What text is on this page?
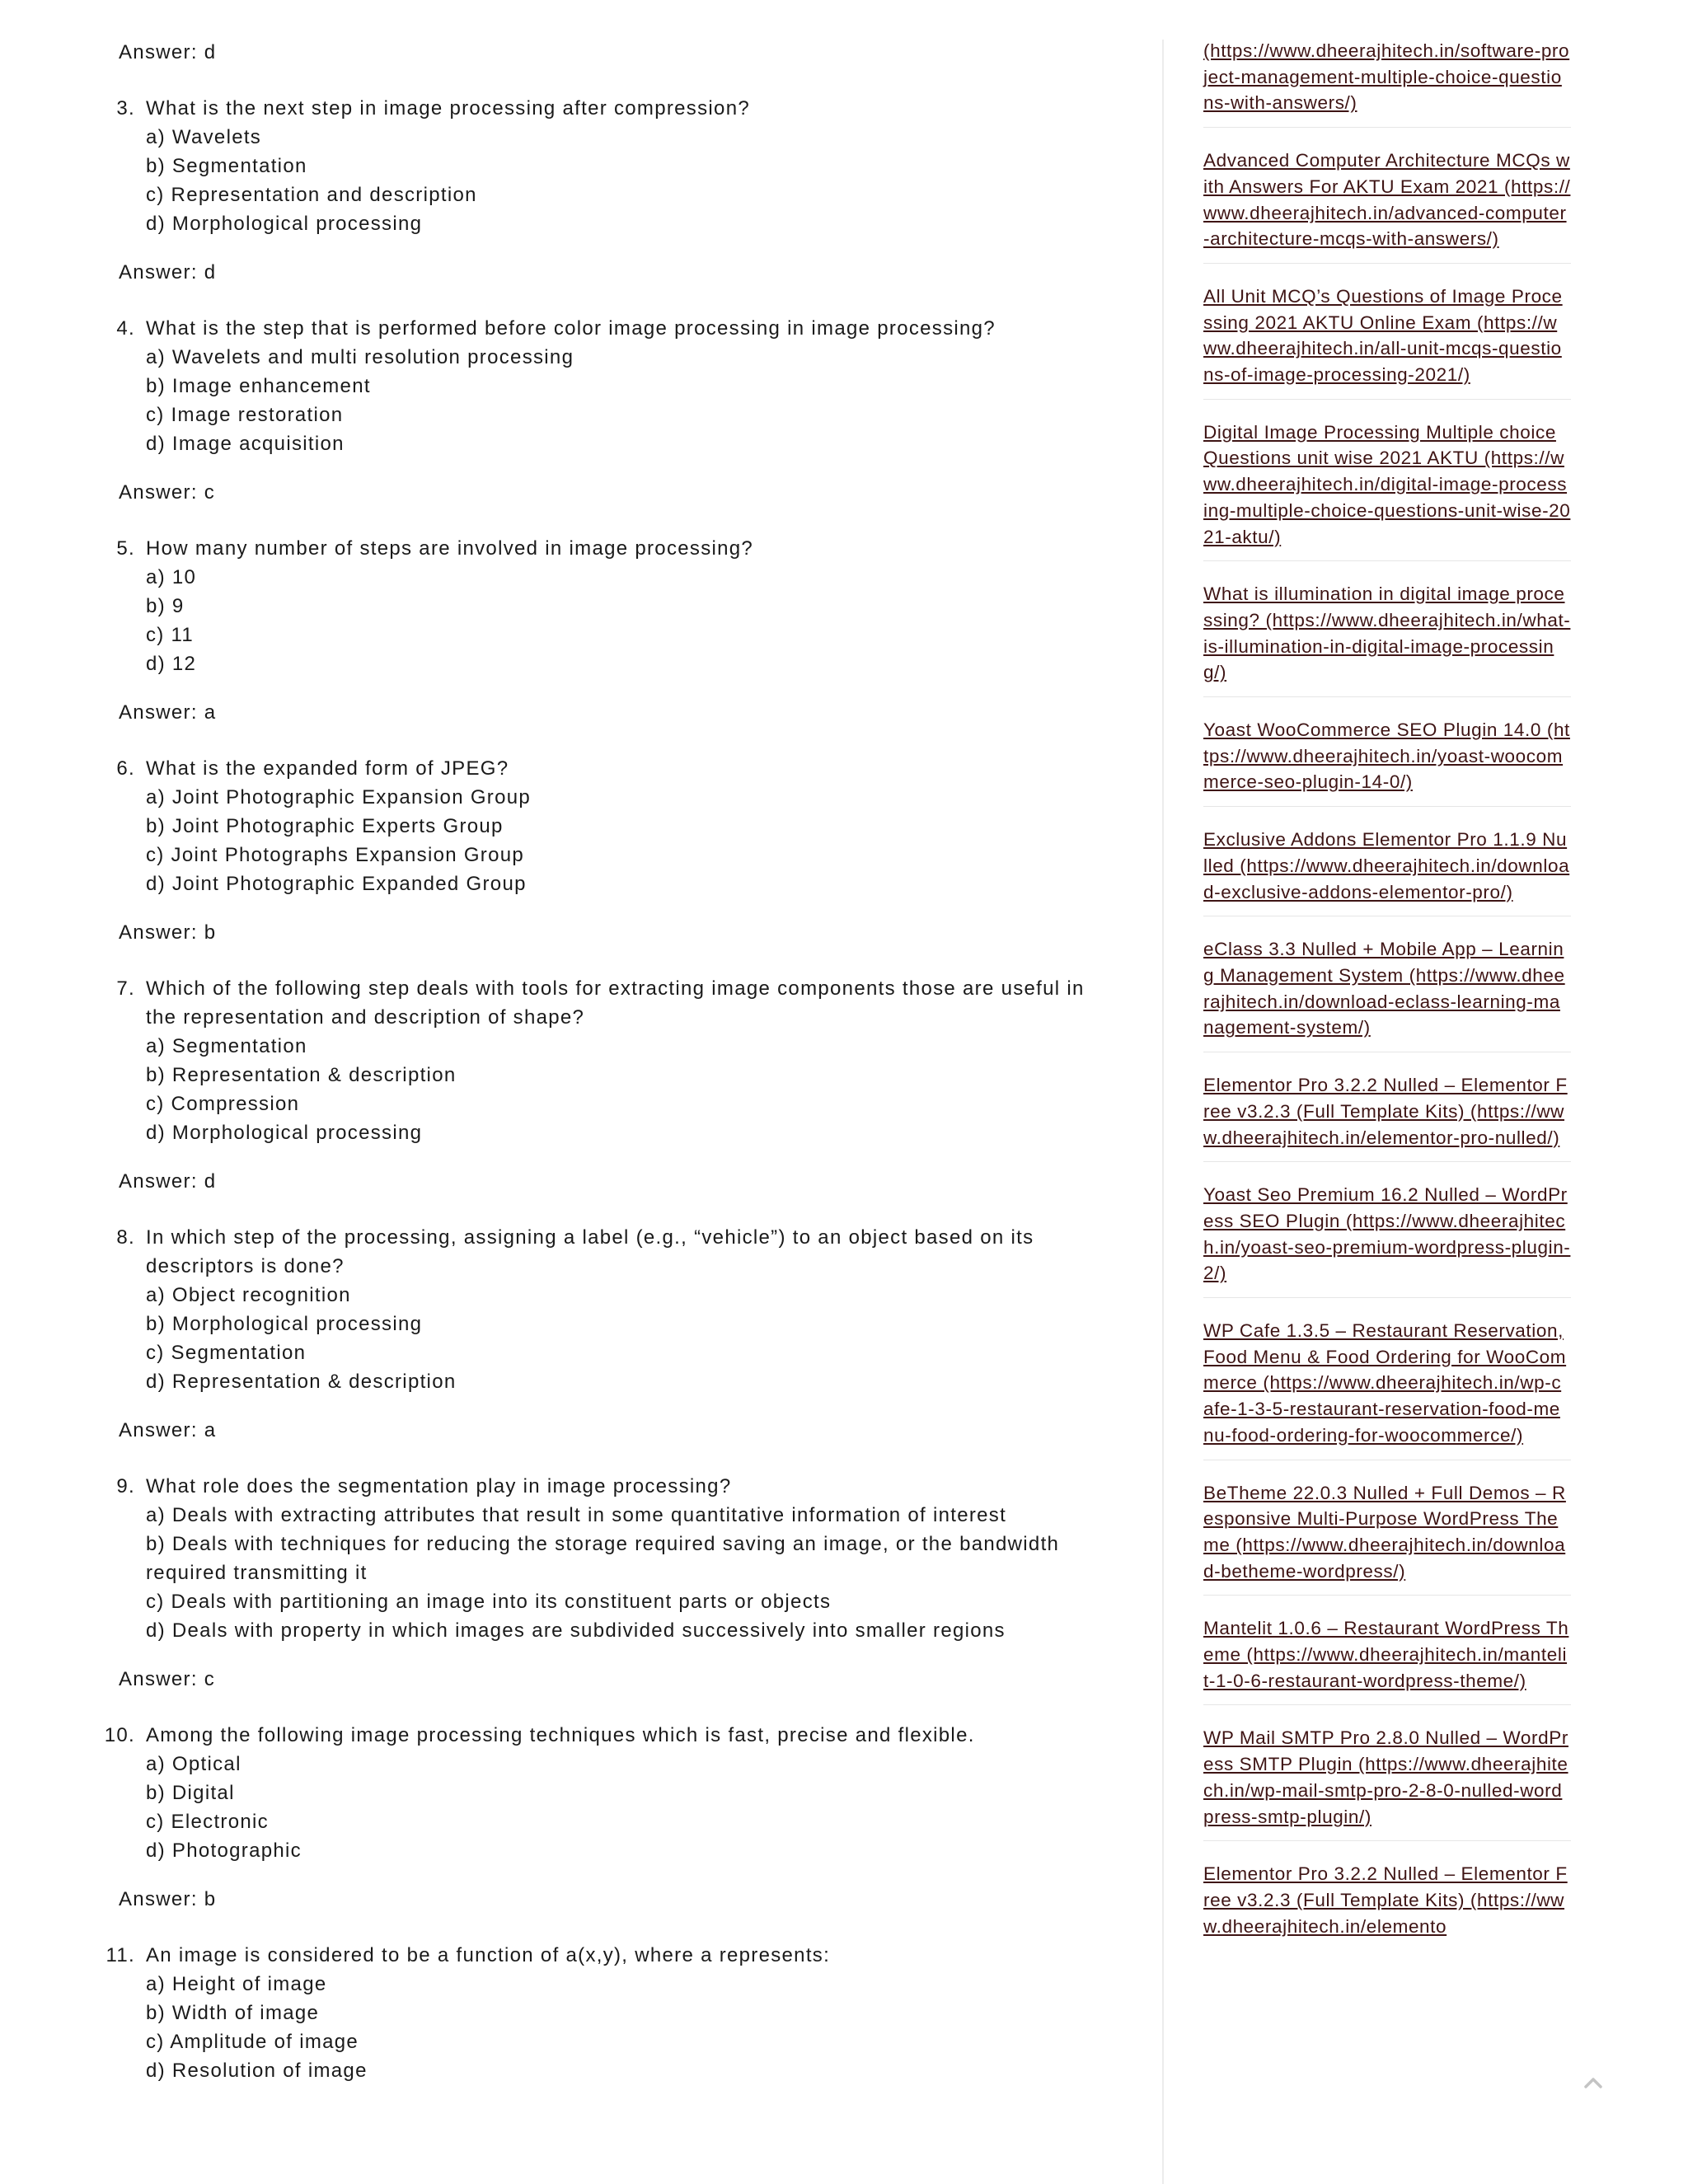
Answer: d
3. What is the next step in image processing after compression?
a) Wavelets
b) Segmentation
c) Representation and description
d) Morphological processing
Answer: d
4. What is the step that is performed before color image processing in image processing?
a) Wavelets and multi resolution processing
b) Image enhancement
c) Image restoration
d) Image acquisition
Answer: c
5. How many number of steps are involved in image processing?
a) 10
b) 9
c) 11
d) 12
Answer: a
6. What is the expanded form of JPEG?
a) Joint Photographic Expansion Group
b) Joint Photographic Experts Group
c) Joint Photographs Expansion Group
d) Joint Photographic Expanded Group
Answer: b
7. Which of the following step deals with tools for extracting image components those are useful in the representation and description of shape?
a) Segmentation
b) Representation & description
c) Compression
d) Morphological processing
Answer: d
8. In which step of the processing, assigning a label (e.g., “vehicle”) to an object based on its descriptors is done?
a) Object recognition
b) Morphological processing
c) Segmentation
d) Representation & description
Answer: a
9. What role does the segmentation play in image processing?
a) Deals with extracting attributes that result in some quantitative information of interest
b) Deals with techniques for reducing the storage required saving an image, or the bandwidth
required transmitting it
c) Deals with partitioning an image into its constituent parts or objects
d) Deals with property in which images are subdivided successively into smaller regions
Answer: c
10. Among the following image processing techniques which is fast, precise and flexible.
a) Optical
b) Digital
c) Electronic
d) Photographic
Answer: b
11. An image is considered to be a function of a(x,y), where a represents:
a) Height of image
b) Width of image
c) Amplitude of image
d) Resolution of image
(https://www.dheerajhitech.in/software-project-management-multiple-choice-questions-with-answers/)
Advanced Computer Architecture MCQs with Answers For AKTU Exam 2021 (https://www.dheerajhitech.in/advanced-computer-architecture-mcqs-with-answers/)
All Unit MCQ’s Questions of Image Processing 2021 AKTU Online Exam (https://www.dheerajhitech.in/all-unit-mcqs-questions-of-image-processing-2021/)
Digital Image Processing Multiple choice Questions unit wise 2021 AKTU (https://www.dheerajhitech.in/digital-image-processing-multiple-choice-questions-unit-wise-2021-aktu/)
What is illumination in digital image processing? (https://www.dheerajhitech.in/what-is-illumination-in-digital-image-processing/)
Yoast WooCommerce SEO Plugin 14.0 (https://www.dheerajhitech.in/yoast-woocommerce-seo-plugin-14-0/)
Exclusive Addons Elementor Pro 1.1.9 Nulled (https://www.dheerajhitech.in/download-exclusive-addons-elementor-pro/)
eClass 3.3 Nulled + Mobile App – Learning Management System (https://www.dheerajhitech.in/download-eclass-learning-management-system/)
Elementor Pro 3.2.2 Nulled – Elementor Free v3.2.3 (Full Template Kits) (https://www.dheerajhitech.in/elementor-pro-nulled/)
Yoast Seo Premium 16.2 Nulled – WordPress SEO Plugin (https://www.dheerajhitech.in/yoast-seo-premium-wordpress-plugin-2/)
WP Cafe 1.3.5 – Restaurant Reservation, Food Menu & Food Ordering for WooCommerce (https://www.dheerajhitech.in/wp-cafe-1-3-5-restaurant-reservation-food-menu-food-ordering-for-woocommerce/)
BeTheme 22.0.3 Nulled + Full Demos – Responsive Multi-Purpose WordPress Theme (https://www.dheerajhitech.in/download-betheme-wordpress/)
Mantelit 1.0.6 – Restaurant WordPress Theme (https://www.dheerajhitech.in/mantelit-1-0-6-restaurant-wordpress-theme/)
WP Mail SMTP Pro 2.8.0 Nulled – WordPress SMTP Plugin (https://www.dheerajhitech.in/wp-mail-smtp-pro-2-8-0-nulled-wordpress-smtp-plugin/)
Elementor Pro 3.2.2 Nulled – Elementor Free v3.2.3 (Full Template Kits) (https://www.dheerajhitech.in/elemento
